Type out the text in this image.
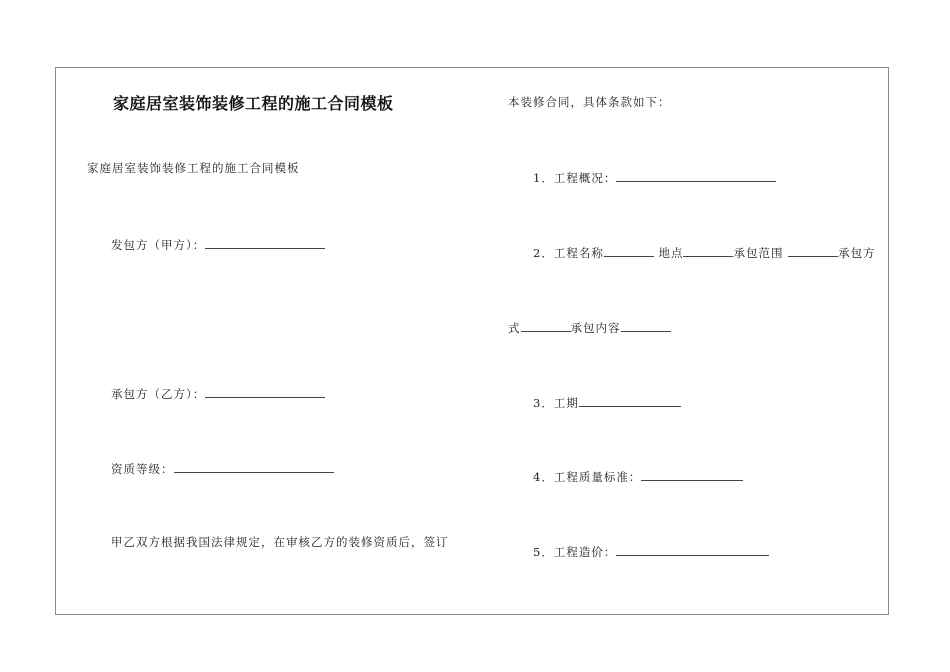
家庭居室装饰装修工程的施工合同模板
家庭居室装饰装修工程的施工合同模板
发包方（甲方）：
承包方（乙方）：
资质等级：
甲乙双方根据我国法律规定，在审核乙方的装修资质后，签订
本装修合同，具体条款如下：
1．工程概况：
2．工程名称	地点	承包范围	承包方
式	承包内容
3．工期
4．工程质量标准：
5．工程造价：
